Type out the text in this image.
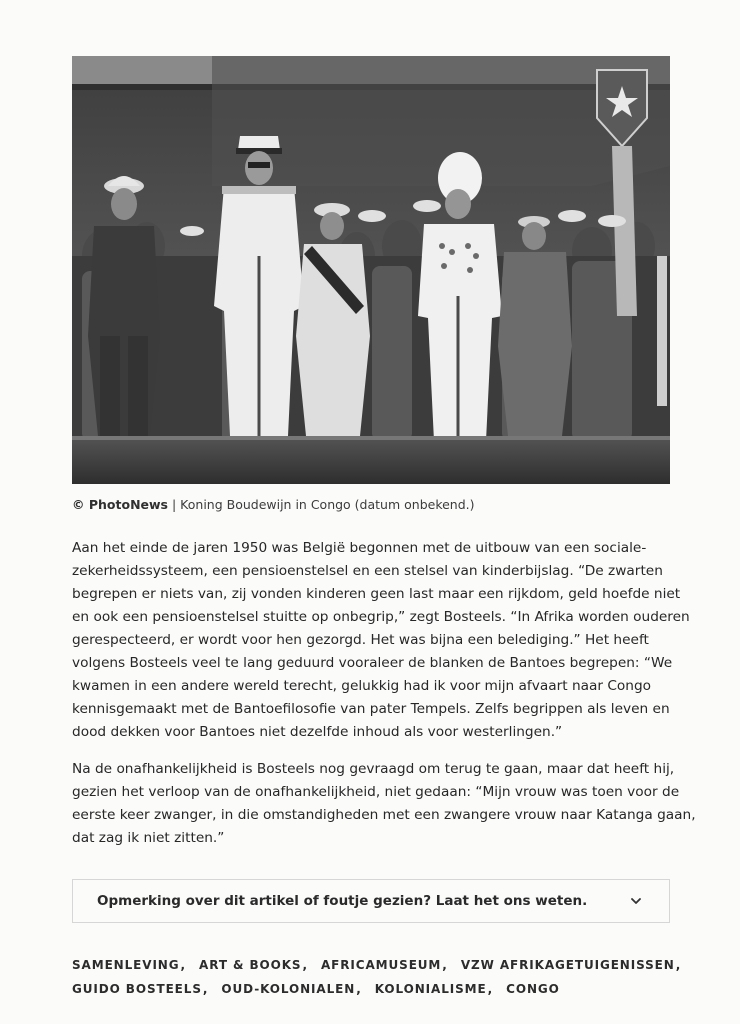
© PhotoNews | Koning Boudewijn in Congo (datum onbekend.)

Aan het einde de jaren 1950 was België begonnen met de uitbouw van een sociale-
zekerheidssysteem, een pensioenstelsel en een stelsel van kinderbijslag. “De zwarten
begrepen er niets van, zij vonden kinderen geen last maar een rijkdom, geld hoefde niet
en ook een pensioenstelsel stuitte op onbegrip,” zegt Bosteels. “In Afrika worden ouderen
gerespecteerd, er wordt voor hen gezorgd. Het was bijna een belediging.” Het heeft
volgens Bosteels veel te lang geduurd vooraleer de blanken de Bantoes begrepen: “We
kwamen in een andere wereld terecht, gelukkig had ik voor mijn afvaart naar Congo
kennisgemaakt met de Bantoefilosofie van pater Tempels. Zelfs begrippen als leven en
dood dekken voor Bantoes niet dezelfde inhoud als voor westerlingen.”

Na de onafhankelijkheid is Bosteels nog gevraagd om terug te gaan, maar dat heeft hij,
gezien het verloop van de onafhankelijkheid, niet gedaan: “Mijn vrouw was toen voor de
eerste keer zwanger, in die omstandigheden met een zwangere vrouw naar Katanga gaan,
dat zag ik niet zitten.”

Opmerking over dit artikel of foutje gezien? Laat het ons weten.
SAMENLEVING, ART & BOOKS, AFRICAMUSEUM, VZW AFRIKAGETUIGENISSEN,
GUIDO BOSTEELS, OUD-KOLONIALEN, KOLONIALISME, CONGO
